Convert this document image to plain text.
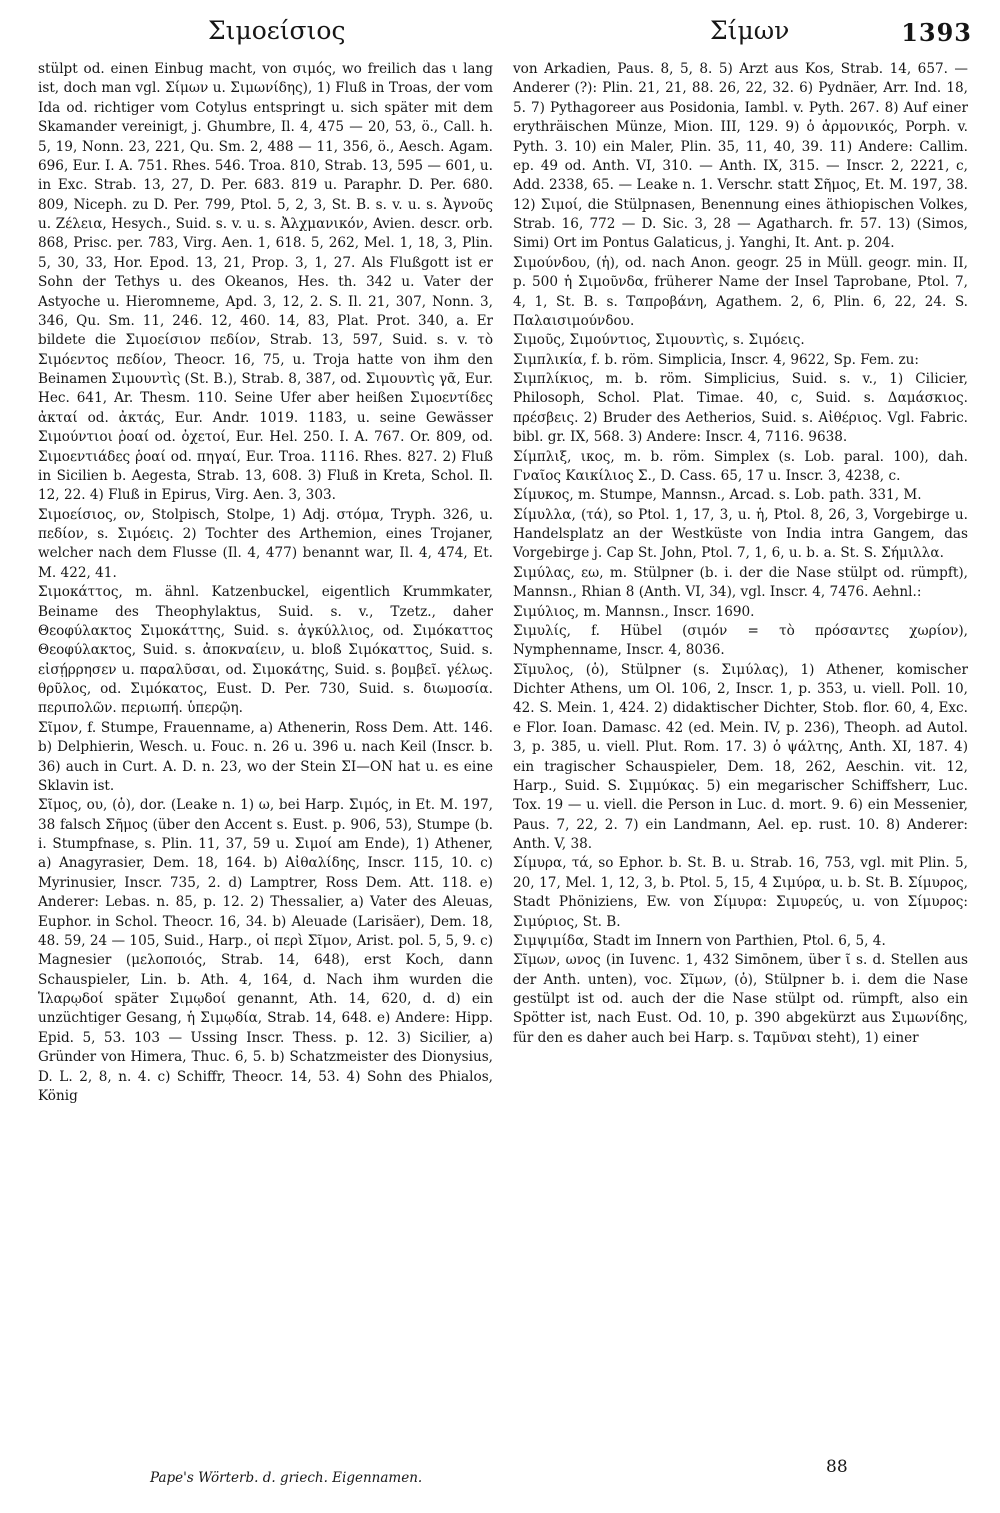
Σιμοείσιος	Σίμων	1393

stülpt od. einen Einbug macht, von σιμός, wo freilich das ι lang ist, doch man vgl. Σίμων u. Σιμωνίδης), 1) Fluß in Troas, der vom Ida od. richtiger vom Cotylus entspringt u. sich später mit dem Skamander vereinigt, j. Ghumbre, Il. 4, 475 — 20, 53, ö., Call. h. 5, 19, Nonn. 23, 221, Qu. Sm. 2, 488 — 11, 356, ö., Aesch. Agam. 696, Eur. I. A. 751. Rhes. 546. Troa. 810, Strab. 13, 595 — 601, u. in Exc. Strab. 13, 27, D. Per. 683. 819 u. Paraphr. D. Per. 680. 809, Niceph. zu D. Per. 799, Ptol. 5, 2, 3, St. B. s. v. u. s. Ἀγνοῦς u. Ζέλεια, Hesych., Suid. s. v. u. s. Ἀλχμανικόν, Avien. descr. orb. 868, Prisc. per. 783, Virg. Aen. 1, 618. 5, 262, Mel. 1, 18, 3, Plin. 5, 30, 33, Hor. Epod. 13, 21, Prop. 3, 1, 27. Als Flußgott ist er Sohn der Tethys u. des Okeanos, Hes. th. 342 u. Vater der Astyoche u. Hieromneme, Apd. 3, 12, 2. S. Il. 21, 307, Nonn. 3, 346, Qu. Sm. 11, 246. 12, 460. 14, 83, Plat. Prot. 340, a. Er bildete die Σιμοείσιον πεδίον, Strab. 13, 597, Suid. s. v. τὸ Σιμόεντος πεδίον, Theocr. 16, 75, u. Troja hatte von ihm den Beinamen Σιμουντὶς (St. B.), Strab. 8, 387, od. Σιμουντὶς γᾶ, Eur. Hec. 641, Ar. Thesm. 110. Seine Ufer aber heißen Σιμοεντίδες ἀκταί od. ἀκτάς, Eur. Andr. 1019. 1183, u. seine Gewässer Σιμούντιοι ῥοαί od. ὀχετοί, Eur. Hel. 250. I. A. 767. Or. 809, od. Σιμοεντιάδες ῥοαί od. πηγαί, Eur. Troa. 1116. Rhes. 827. 2) Fluß in Sicilien b. Aegesta, Strab. 13, 608. 3) Fluß in Kreta, Schol. Il. 12, 22. 4) Fluß in Epirus, Virg. Aen. 3, 303.

Σιμοείσιος, ον, Stolpisch, Stolpe, 1) Adj. στόμα, Tryph. 326, u. πεδίον, s. Σιμόεις. 2) Tochter des Arthemion, eines Trojaner, welcher nach dem Flusse (Il. 4, 477) benannt war, Il. 4, 474, Et. M. 422, 41.

Σιμοκάττος, m. ähnl. Katzenbuckel, eigentlich Krummkater, Beiname des Theophylaktus, Suid. s. v., Tzetz., daher Θεοφύλακτος Σιμοκάττης, Suid. s. ἀγκύλλιος, od. Σιμόκαττος Θεοφύλακτος, Suid. s. ἀποκναίειν, u. bloß Σιμόκαττος, Suid. s. εἰσῄρρησεν u. παραλῦσαι, od. Σιμοκάτης, Suid. s. βομβεῖ. γέλως. θρῦλος, od. Σιμόκατος, Eust. D. Per. 730, Suid. s. διωμοσία. περιπολῶν. περιωπή. ὑπερῷη.

Σῖμον, f. Stumpe, Frauenname, a) Athenerin, Ross Dem. Att. 146. b) Delphierin, Wesch. u. Fouc. n. 26 u. 396 u. nach Keil (Inscr. b. 36) auch in Curt. A. D. n. 23, wo der Stein ΣΙ—ΟΝ hat u. es eine Sklavin ist.

Σῖμος, ου, (ὁ), dor. (Leake n. 1) ω, bei Harp. Σιμός, in Et. M. 197, 38 falsch Σῆμος (über den Accent s. Eust. p. 906, 53), Stumpe (b. i. Stumpfnase, s. Plin. 11, 37, 59 u. Σιμοί am Ende), 1) Athener, a) Anagyrasier, Dem. 18, 164. b) Αἰθαλίδης, Inscr. 115, 10. c) Myrinusier, Inscr. 735, 2. d) Lamptrer, Ross Dem. Att. 118. e) Anderer: Lebas. n. 85, p. 12. 2) Thessalier, a) Vater des Aleuas, Euphor. in Schol. Theocr. 16, 34. b) Aleuade (Larisäer), Dem. 18, 48. 59, 24 — 105, Suid., Harp., οἱ περὶ Σῖμον, Arist. pol. 5, 5, 9. c) Magnesier (μελοποιός, Strab. 14, 648), erst Koch, dann Schauspieler, Lin. b. Ath. 4, 164, d. Nach ihm wurden die Ἱλαρῳδοί später Σιμῳδοί genannt, Ath. 14, 620, d. d) ein unzüchtiger Gesang, ἡ Σιμῳδία, Strab. 14, 648. e) Andere: Hipp. Epid. 5, 53. 103 — Ussing Inscr. Thess. p. 12. 3) Sicilier, a) Gründer von Himera, Thuc. 6, 5. b) Schatzmeister des Dionysius, D. L. 2, 8, n. 4. c) Schiffr, Theocr. 14, 53. 4) Sohn des Phialos, König

von Arkadien, Paus. 8, 5, 8. 5) Arzt aus Kos, Strab. 14, 657. — Anderer (?): Plin. 21, 21, 88. 26, 22, 32. 6) Pydnäer, Arr. Ind. 18, 5. 7) Pythagoreer aus Posidonia, Iambl. v. Pyth. 267. 8) Auf einer erythräischen Münze, Mion. III, 129. 9) ὁ ἁρμονικός, Porph. v. Pyth. 3. 10) ein Maler, Plin. 35, 11, 40, 39. 11) Andere: Callim. ep. 49 od. Anth. VI, 310. — Anth. IX, 315. — Inscr. 2, 2221, c, Add. 2338, 65. — Leake n. 1. Verschr. statt Σῆμος, Et. M. 197, 38. 12) Σιμοί, die Stülpnasen, Benennung eines äthiopischen Volkes, Strab. 16, 772 — D. Sic. 3, 28 — Agatharch. fr. 57. 13) (Simos, Simi) Ort im Pontus Galaticus, j. Yanghi, It. Ant. p. 204.

Σιμούνδου, (ἡ), od. nach Anon. geogr. 25 in Müll. geogr. min. II, p. 500 ἡ Σιμοῦνδα, früherer Name der Insel Taprobane, Ptol. 7, 4, 1, St. B. s. Ταπροβάνη, Agathem. 2, 6, Plin. 6, 22, 24. S. Παλαισιμούνδου.

Σιμοῦς, Σιμούντιος, Σιμουντὶς, s. Σιμόεις.

Σιμπλικία, f. b. röm. Simplicia, Inscr. 4, 9622, Sp. Fem. zu:

Σιμπλίκιος, m. b. röm. Simplicius, Suid. s. v., 1) Cilicier, Philosoph, Schol. Plat. Timae. 40, c, Suid. s. Δαμάσκιος. πρέσβεις. 2) Bruder des Aetherios, Suid. s. Αἰθέριος. Vgl. Fabric. bibl. gr. IX, 568. 3) Andere: Inscr. 4, 7116. 9638.

Σίμπλιξ, ικος, m. b. röm. Simplex (s. Lob. paral. 100), dah. Γναῖος Καικίλιος Σ., D. Cass. 65, 17 u. Inscr. 3, 4238, c.

Σίμυκος, m. Stumpe, Mannsn., Arcad. s. Lob. path. 331, M.

Σίμυλλα, (τά), so Ptol. 1, 17, 3, u. ἡ, Ptol. 8, 26, 3, Vorgebirge u. Handelsplatz an der Westküste von India intra Gangem, das Vorgebirge j. Cap St. John, Ptol. 7, 1, 6, u. b. a. St. S. Σήμιλλα.

Σιμύλας, εω, m. Stülpner (b. i. der die Nase stülpt od. rümpft), Mannsn., Rhian 8 (Anth. VI, 34), vgl. Inscr. 4, 7476. Aehnl.:

Σιμύλιος, m. Mannsn., Inscr. 1690.

Σιμυλίς, f. Hübel (σιμόν = τὸ πρόσαντες χωρίον), Nymphenname, Inscr. 4, 8036.

Σῖμυλος, (ὁ), Stülpner (s. Σιμύλας), 1) Athener, komischer Dichter Athens, um Ol. 106, 2, Inscr. 1, p. 353, u. viell. Poll. 10, 42. S. Mein. 1, 424. 2) didaktischer Dichter, Stob. flor. 60, 4, Exc. e Flor. Ioan. Damasc. 42 (ed. Mein. IV, p. 236), Theoph. ad Autol. 3, p. 385, u. viell. Plut. Rom. 17. 3) ὁ ψάλτης, Anth. XI, 187. 4) ein tragischer Schauspieler, Dem. 18, 262, Aeschin. vit. 12, Harp., Suid. S. Σιμμύκας. 5) ein megarischer Schiffsherr, Luc. Tox. 19 — u. viell. die Person in Luc. d. mort. 9. 6) ein Messenier, Paus. 7, 22, 2. 7) ein Landmann, Ael. ep. rust. 10. 8) Anderer: Anth. V, 38.

Σίμυρα, τά, so Ephor. b. St. B. u. Strab. 16, 753, vgl. mit Plin. 5, 20, 17, Mel. 1, 12, 3, b. Ptol. 5, 15, 4 Σιμύρα, u. b. St. B. Σίμυρος, Stadt Phöniziens, Ew. von Σίμυρα: Σιμυρεύς, u. von Σίμυρος: Σιμύριος, St. B.

Σιμψιμίδα, Stadt im Innern von Parthien, Ptol. 6, 5, 4.

Σῖμων, ωνος (in Iuvenc. 1, 432 Simōnem, über ῖ s. d. Stellen aus der Anth. unten), voc. Σῖμων, (ὁ), Stülpner b. i. dem die Nase gestülpt ist od. auch der die Nase stülpt od. rümpft, also ein Spötter ist, nach Eust. Od. 10, p. 390 abgekürzt aus Σιμωνίδης, für den es daher auch bei Harp. s. Ταμῦναι steht), 1) einer

Pape's Wörterb. d. griech. Eigennamen.
88
